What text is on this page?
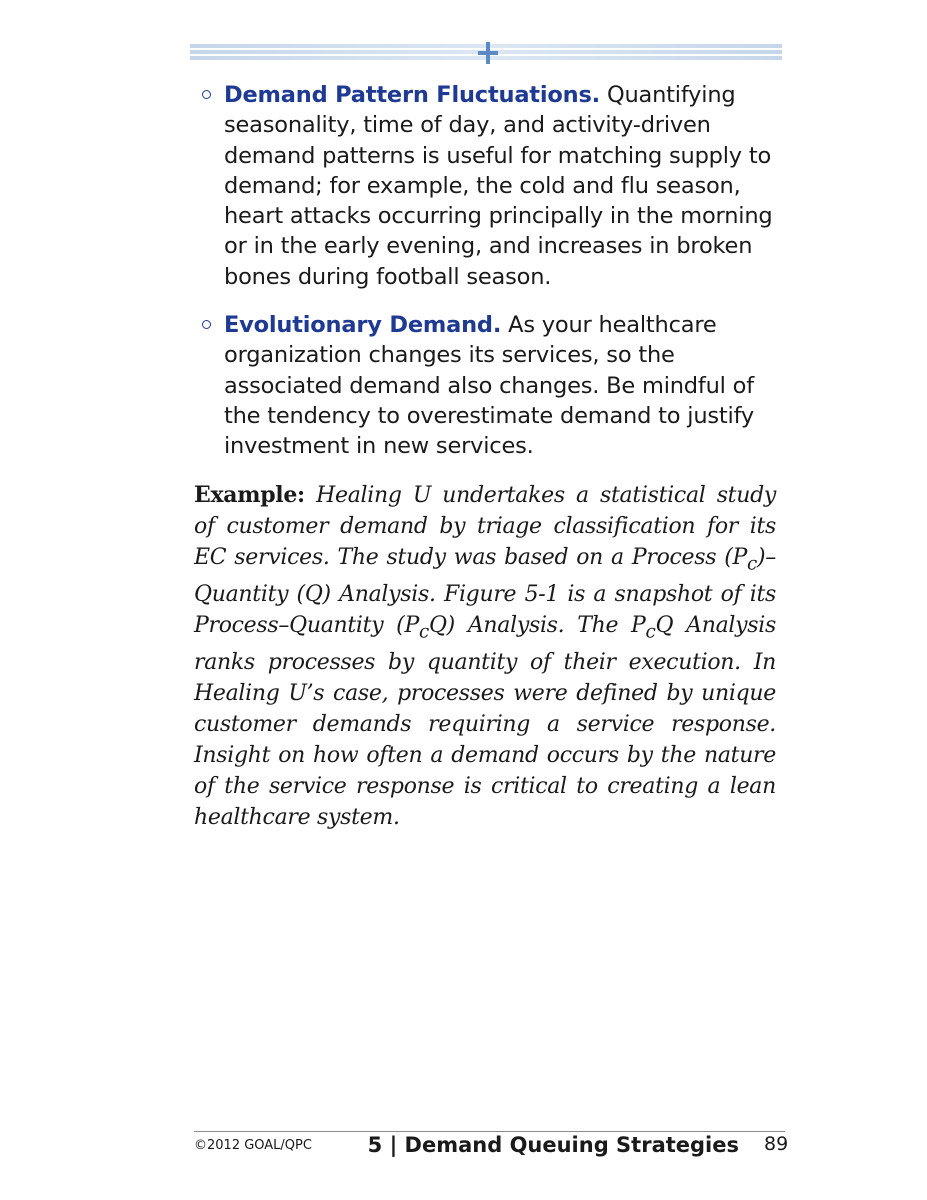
Demand Pattern Fluctuations. Quantifying seasonality, time of day, and activity-driven demand patterns is useful for matching supply to demand; for example, the cold and flu season, heart attacks occurring principally in the morning or in the early evening, and increases in broken bones during football season.
Evolutionary Demand. As your healthcare organization changes its services, so the associated demand also changes. Be mindful of the tendency to overestimate demand to justify investment in new services.
Example: Healing U undertakes a statistical study of customer demand by triage classification for its EC services. The study was based on a Process $(P_c)$–Quantity (Q) Analysis. Figure 5-1 is a snapshot of its Process–Quantity $(P_cQ)$ Analysis. The $P_cQ$ Analysis ranks processes by quantity of their execution. In Healing U’s case, processes were defined by unique customer demands requiring a service response. Insight on how often a demand occurs by the nature of the service response is critical to creating a lean healthcare system.
©2012 GOAL/QPC	5 | Demand Queuing Strategies 89
